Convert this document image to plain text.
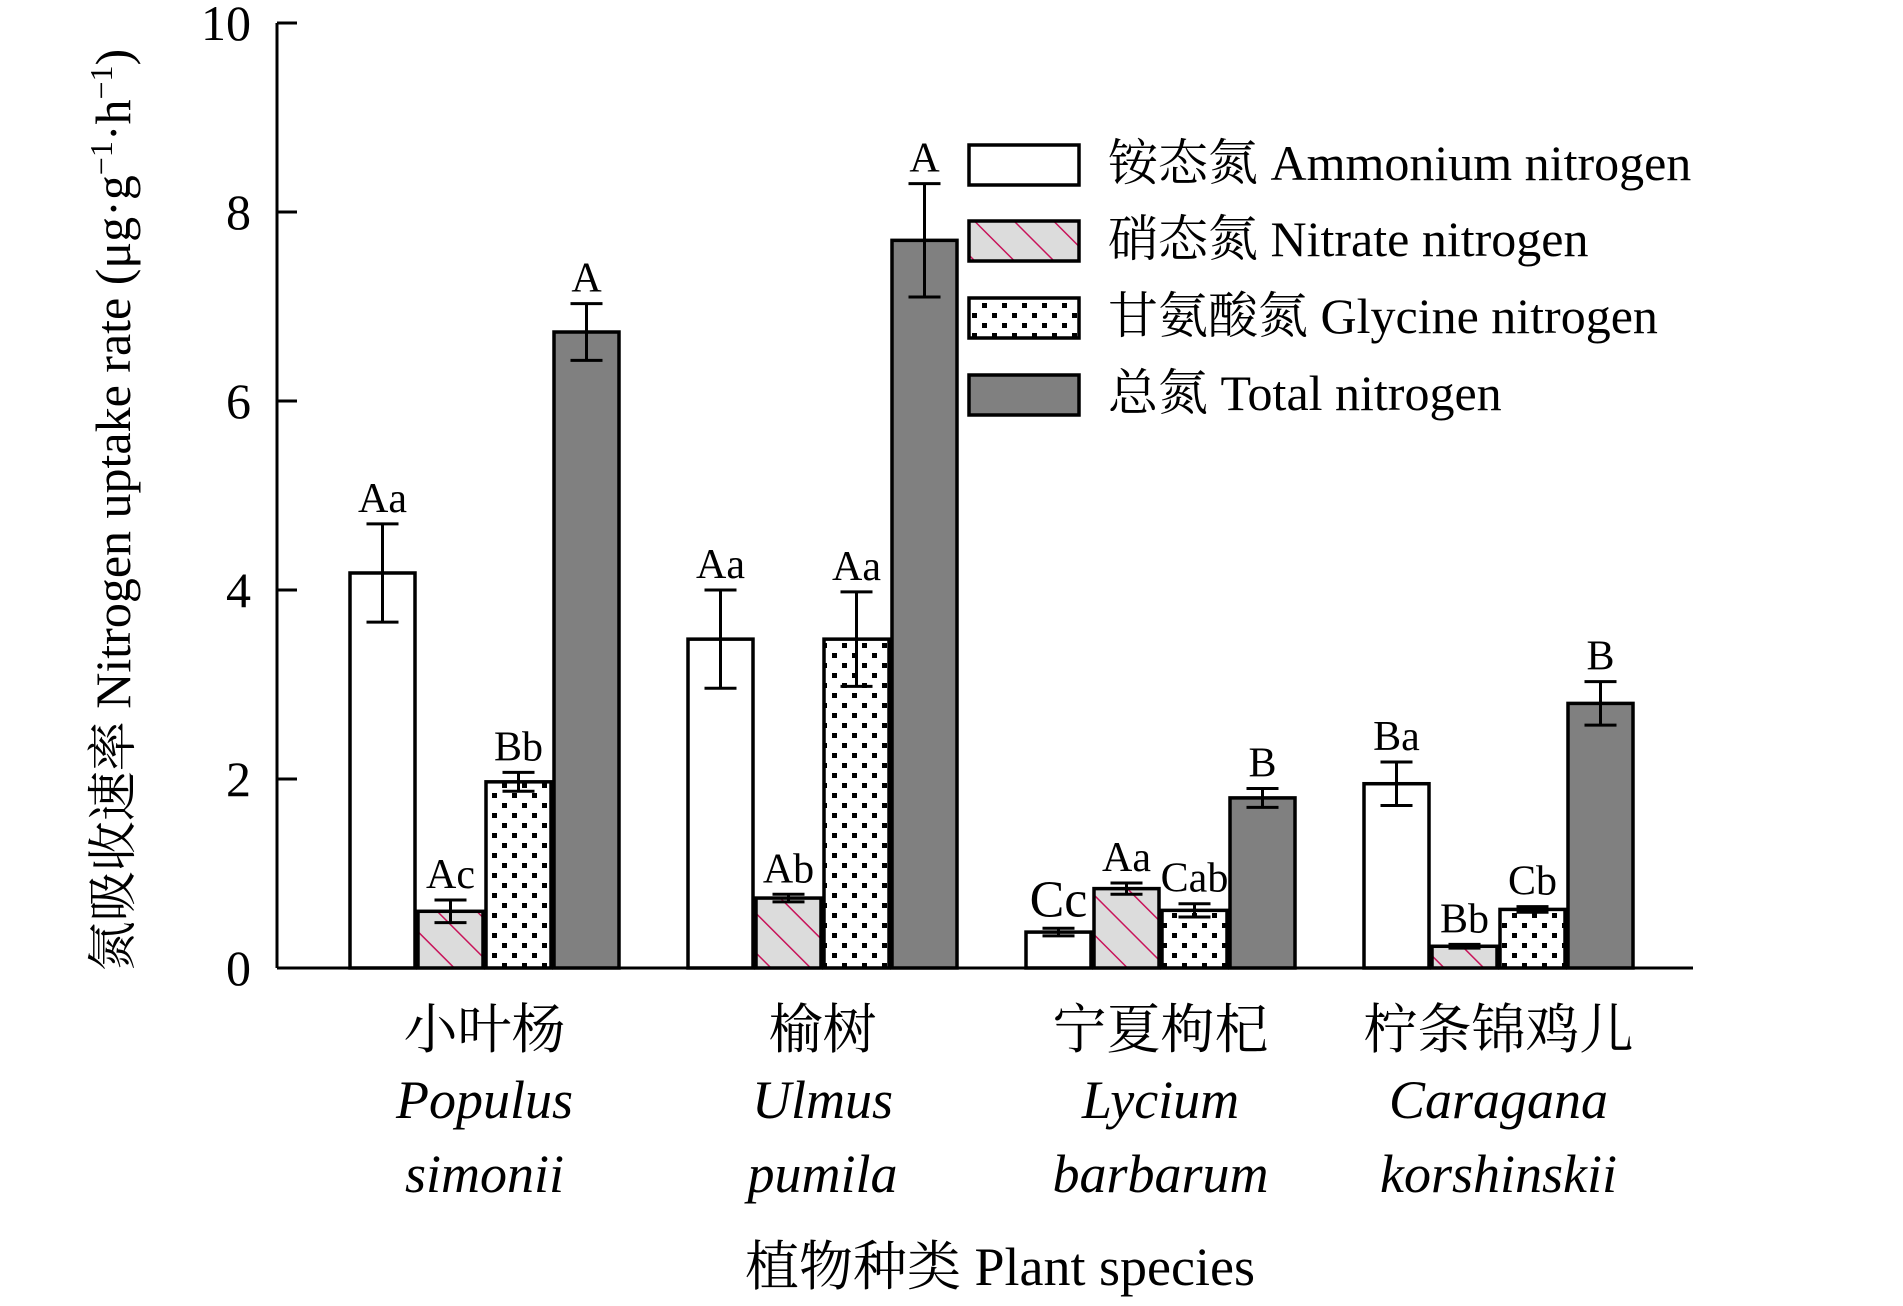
氮吸收速率 Nitrogen uptake rate $(\mu g\cdot g^{-1}\cdot h^{-1})$
植物种类 Plant species
0
2
4
6
8
10
Aa
Aa
Cc
Ba
Ac	Ab	Aa
Bb
Bb
Aa
Cab	Cb
A
A
B
B
小叶杨
Populus
simonii
榆树
Ulmus
pumila
宁夏枸杞
Lycium
barbarum
柠条锦鸡儿
Caragana
korshinskii
铵态氮 Ammonium nitrogen
硝态氮 Nitrate nitrogen
甘氨酸氮 Glycine nitrogen
总氮 Total nitrogen
